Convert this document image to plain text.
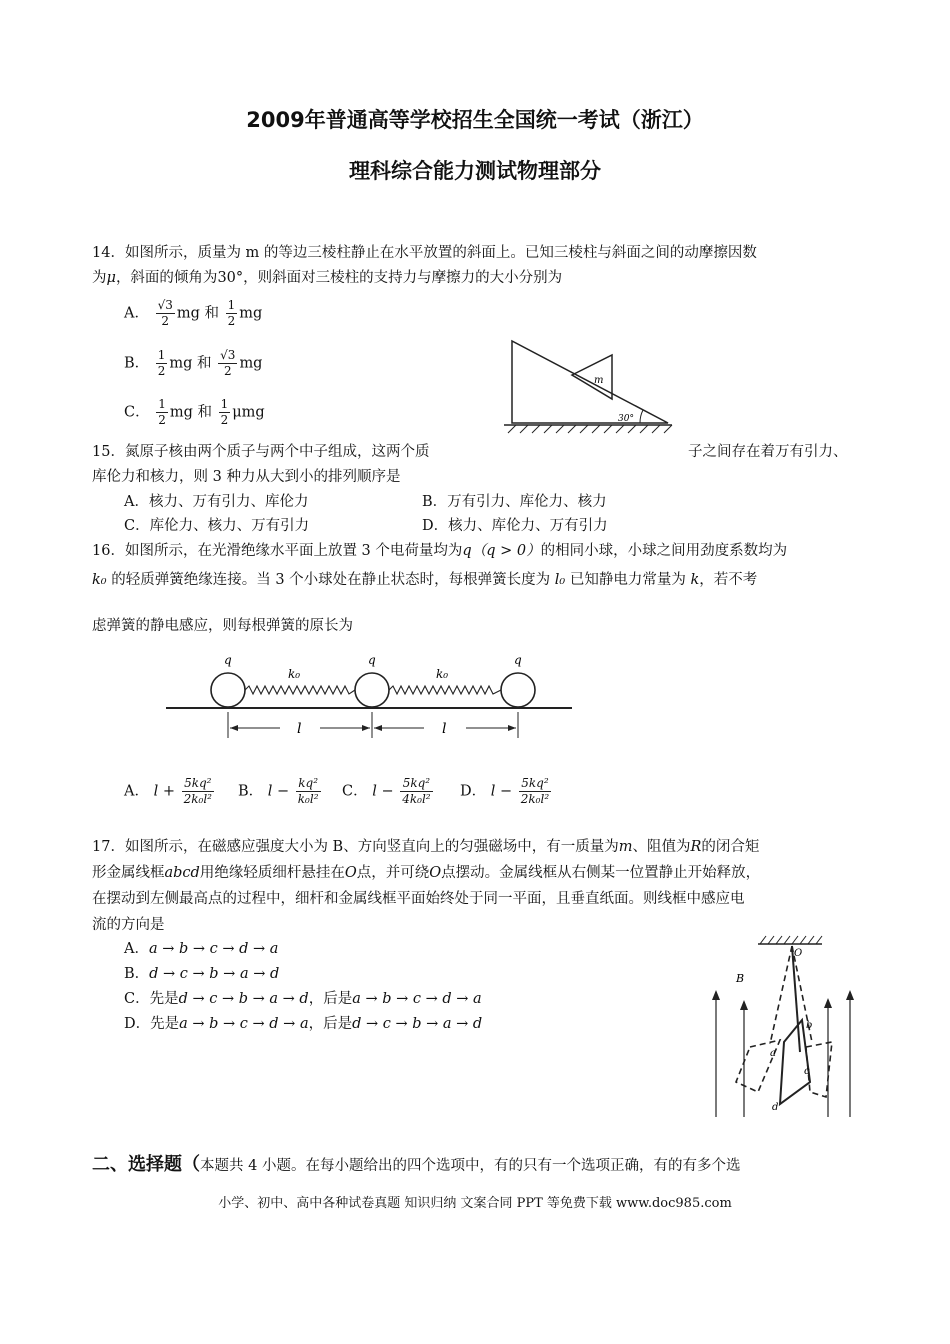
2009年普通高等学校招生全国统一考试（浙江）
理科综合能力测试物理部分
14．如图所示，质量为 m 的等边三棱柱静止在水平放置的斜面上。已知三棱柱与斜面之间的动摩擦因数
为μ，斜面的倾角为30°，则斜面对三棱柱的支持力与摩擦力的大小分别为
A． $\frac{√3}{2}$ mg 和 $\frac{1}{2}$ mg
B． $\frac{1}{2}$ mg 和 $\frac{√3}{2}$ mg
C． $\frac{1}{2}$ mg 和 $\frac{1}{2}$ μmg
m
30°
15．氮原子核由两个质子与两个中子组成，这两个质	子之间存在着万有引力、
库伦力和核力，则 3 种力从大到小的排列顺序是
A．核力、万有引力、库伦力	B．万有引力、库伦力、核力
C．库伦力、核力、万有引力	D．核力、库伦力、万有引力
16．如图所示，在光滑绝缘水平面上放置 3 个电荷量均为q（q > 0）的相同小球，小球之间用劲度系数均为
k₀ 的轻质弹簧绝缘连接。当 3 个小球处在静止状态时，每根弹簧长度为 l₀ 已知静电力常量为 k，若不考
虑弹簧的静电感应，则每根弹簧的原长为
q	q	q
k₀	k₀
l	l
A． $l + \frac{\text{5kq²}}{\text{2k₀l²}}$ B． $l - \frac{\text{kq²}}{\text{k₀l²}}$ C． $l - \frac{\text{5kq²}}{\text{4k₀l²}}$ D． $l - \frac{\text{5kq²}}{\text{2k₀l²}}$
17．如图所示，在磁感应强度大小为 B、方向竖直向上的匀强磁场中，有一质量为m、阻值为R的闭合矩
形金属线框abcd用绝缘轻质细杆悬挂在O点，并可绕O点摆动。金属线框从右侧某一位置静止开始释放，
在摆动到左侧最高点的过程中，细杆和金属线框平面始终处于同一平面，且垂直纸面。则线框中感应电
流的方向是
A．a → b → c → d → a
B．d → c → b → a → d
C．先是d → c → b → a → d，后是a → b → c → d → a
D．先是a → b → c → d → a，后是d → c → b → a → d
O
B
a
b
c
d
二、选择题（本题共 4 小题。在每小题给出的四个选项中，有的只有一个选项正确，有的有多个选
小学、初中、高中各种试卷真题 知识归纳 文案合同 PPT 等免费下载 www.doc985.com
